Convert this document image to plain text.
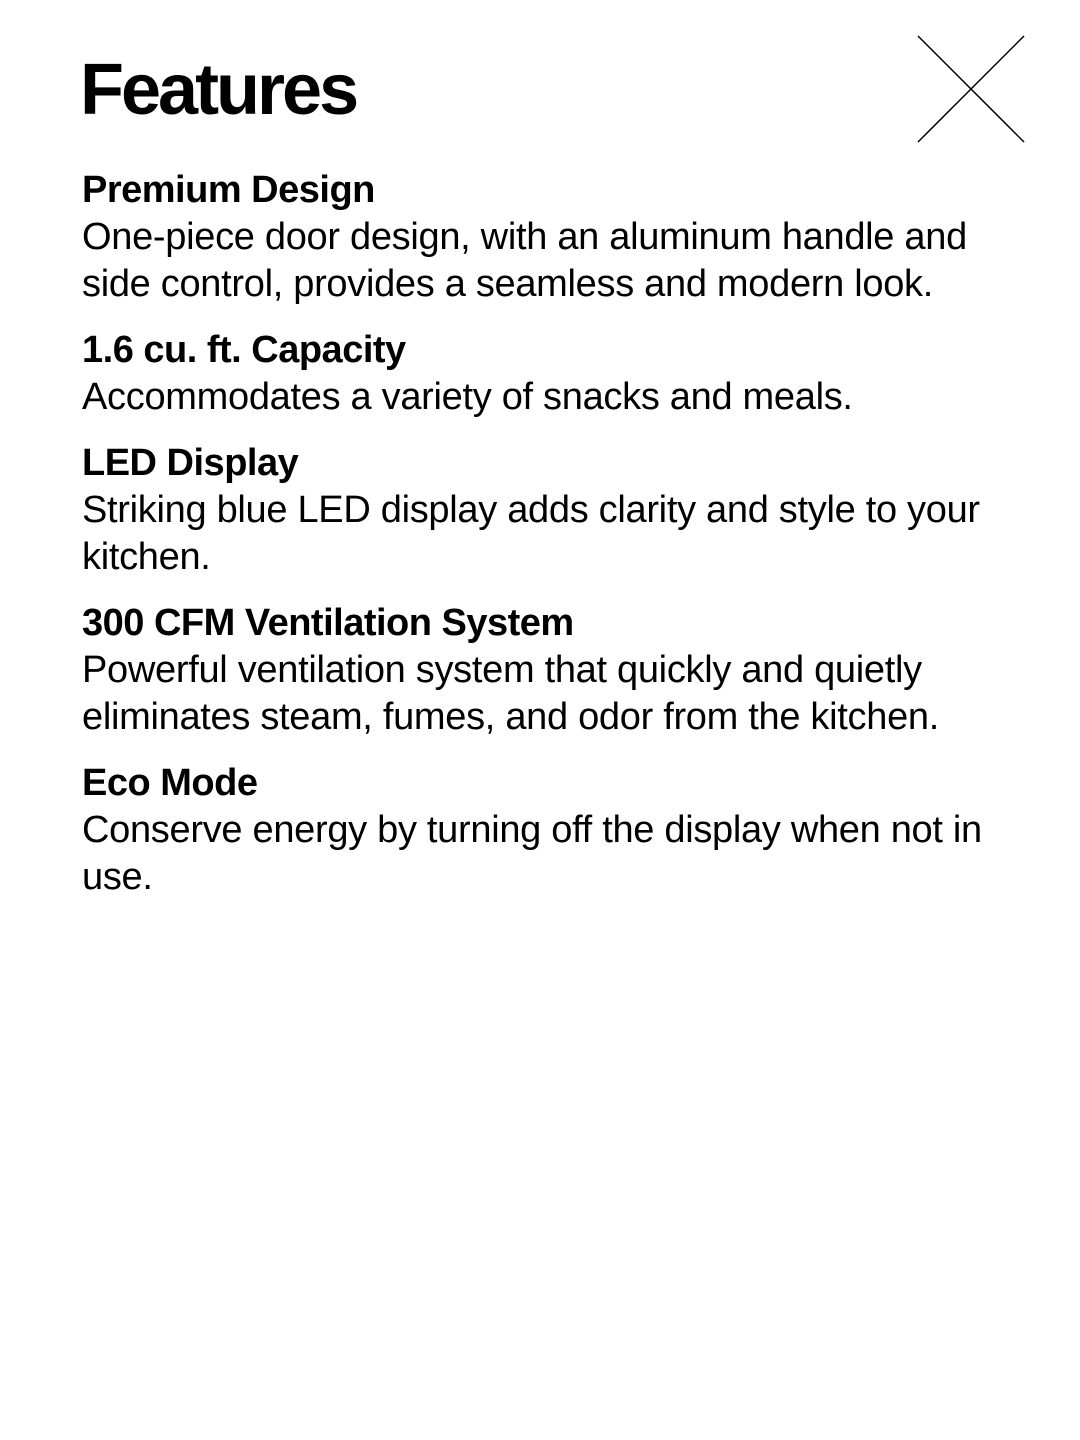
Features

Premium Design

One-piece door design, with an aluminum handle and side control, provides a seamless and modern look.

1.6 cu. ft. Capacity

Accommodates a variety of snacks and meals.

LED Display

Striking blue LED display adds clarity and style to your kitchen.

300 CFM Ventilation System

Powerful ventilation system that quickly and quietly eliminates steam, fumes, and odor from the kitchen.

Eco Mode

Conserve energy by turning off the display when not in use.
